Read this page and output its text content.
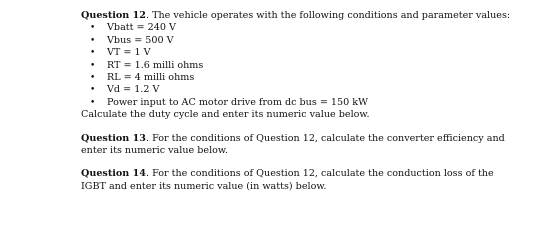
Question 12. The vehicle operates with the following conditions and parameter values:

• Vbatt = 240 V
• Vbus = 500 V
• VT = 1 V
• RT = 1.6 milli ohms
• RL = 4 milli ohms
• Vd = 1.2 V
• Power input to AC motor drive from dc bus = 150 kW

Calculate the duty cycle and enter its numeric value below.

Question 13. For the conditions of Question 12, calculate the converter efficiency and enter its numeric value below.

Question 14. For the conditions of Question 12, calculate the conduction loss of the IGBT and enter its numeric value (in watts) below.
